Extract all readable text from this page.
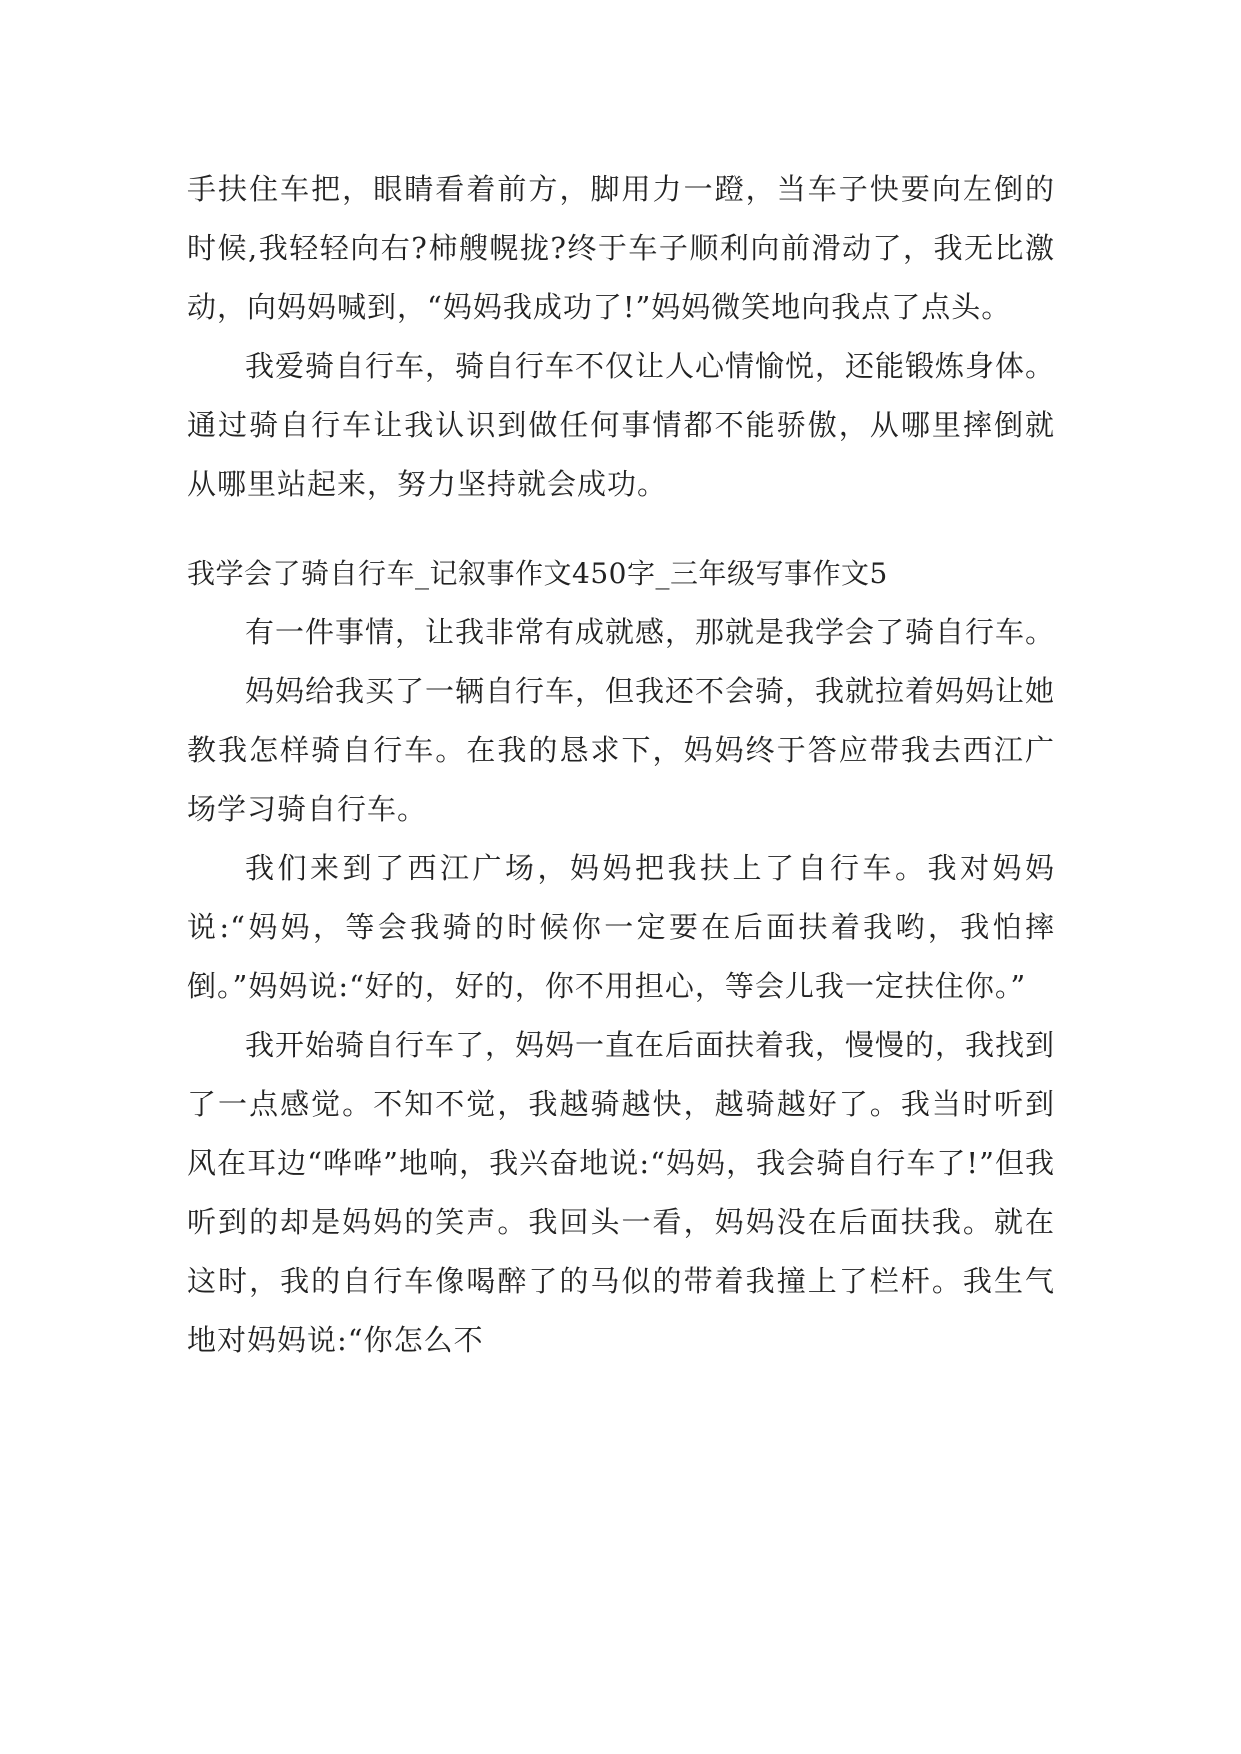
手扶住车把，眼睛看着前方，脚用力一蹬，当车子快要向左倒的时候,我轻轻向右?柿艘幌拢?终于车子顺利向前滑动了，我无比激动，向妈妈喊到，“妈妈我成功了!”妈妈微笑地向我点了点头。

我爱骑自行车，骑自行车不仅让人心情愉悦，还能锻炼身体。通过骑自行车让我认识到做任何事情都不能骄傲，从哪里摔倒就从哪里站起来，努力坚持就会成功。

我学会了骑自行车_记叙事作文450字_三年级写事作文5

有一件事情，让我非常有成就感，那就是我学会了骑自行车。

妈妈给我买了一辆自行车，但我还不会骑，我就拉着妈妈让她教我怎样骑自行车。在我的恳求下，妈妈终于答应带我去西江广场学习骑自行车。

我们来到了西江广场，妈妈把我扶上了自行车。我对妈妈说:“妈妈，等会我骑的时候你一定要在后面扶着我哟，我怕摔倒。”妈妈说:“好的，好的，你不用担心，等会儿我一定扶住你。”

我开始骑自行车了，妈妈一直在后面扶着我，慢慢的，我找到了一点感觉。不知不觉，我越骑越快，越骑越好了。我当时听到风在耳边“哗哗”地响，我兴奋地说:“妈妈，我会骑自行车了!”但我听到的却是妈妈的笑声。我回头一看，妈妈没在后面扶我。就在这时，我的自行车像喝醉了的马似的带着我撞上了栏杆。我生气地对妈妈说:“你怎么不
